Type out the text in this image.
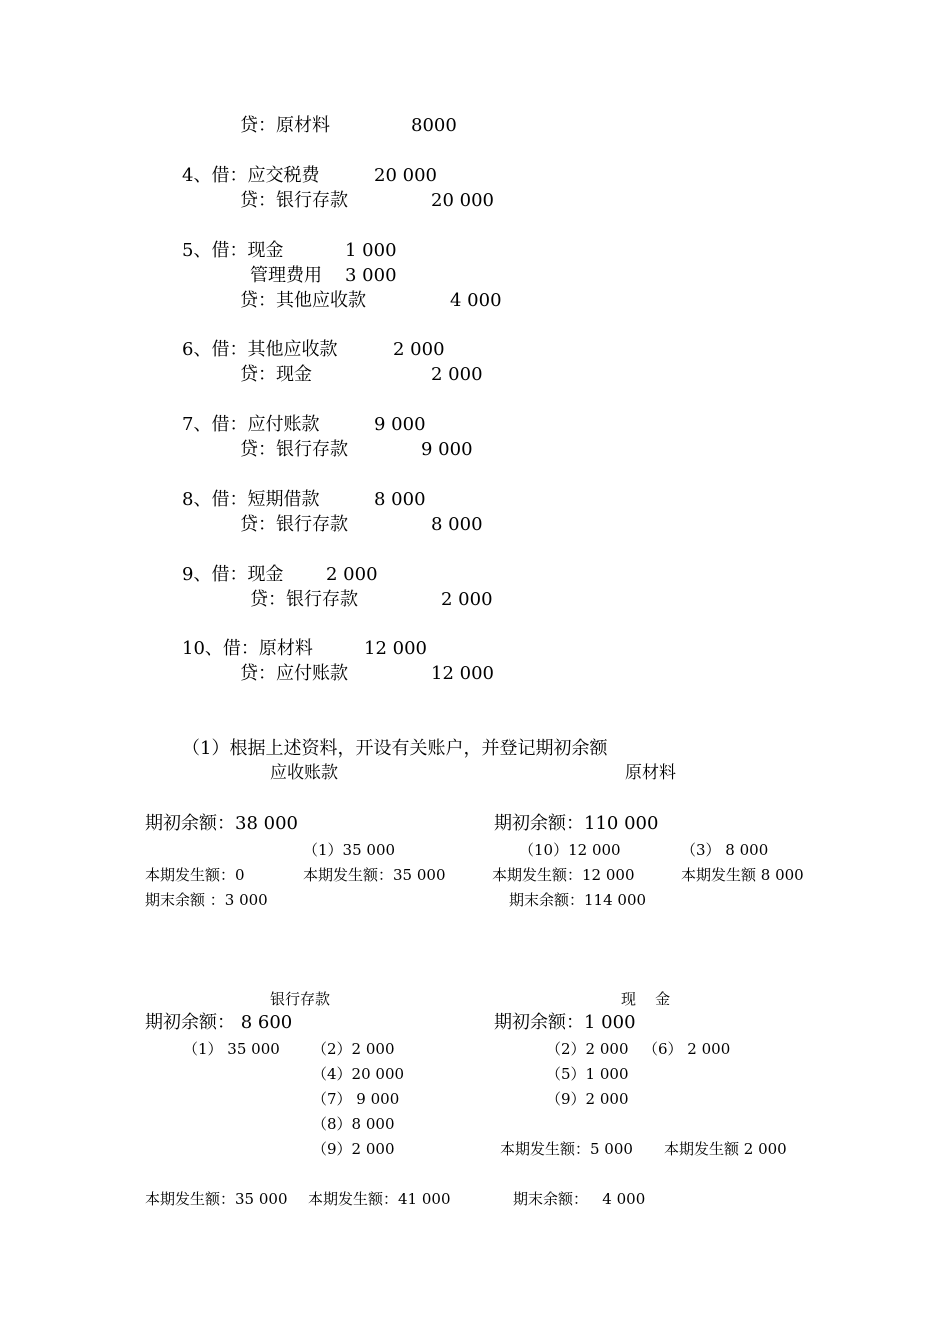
贷：原材料	8000
4、借：应交税费	20 000
贷：银行存款	20 000
5、借：现金	1 000
管理费用 3 000
贷：其他应收款	4 000
6、借：其他应收款	2 000
贷：现金	2 000
7、借：应付账款	9 000
贷：银行存款	9 000
8、借：短期借款	8 000
贷：银行存款	8 000
9、借：现金 2 000
贷：银行存款	2 000
10、借：原材料	12 000
贷：应付账款	12 000
（1）根据上述资料，开设有关账户，并登记期初余额
应收账款
期初余额：38 000
（1）35 000
本期发生额：0	本期发生额：35 000
期末余额 ：3 000
原材料
期初余额：110 000
（10）12 000	（3） 8 000
本期发生额：12 000	本期发生额 8 000
期末余额：114 000
银行存款
期初余额： 8 600
（1） 35 000 （2）2 000
（4）20 000
（7） 9 000
（8）8 000
（9）2 000
本期发生额：35 000 本期发生额：41 000
现    金
期初余额：1 000
（2）2 000 （6） 2 000
（5）1 000
（9）2 000
本期发生额：5 000 本期发生额 2 000
期末余额：   4 000
